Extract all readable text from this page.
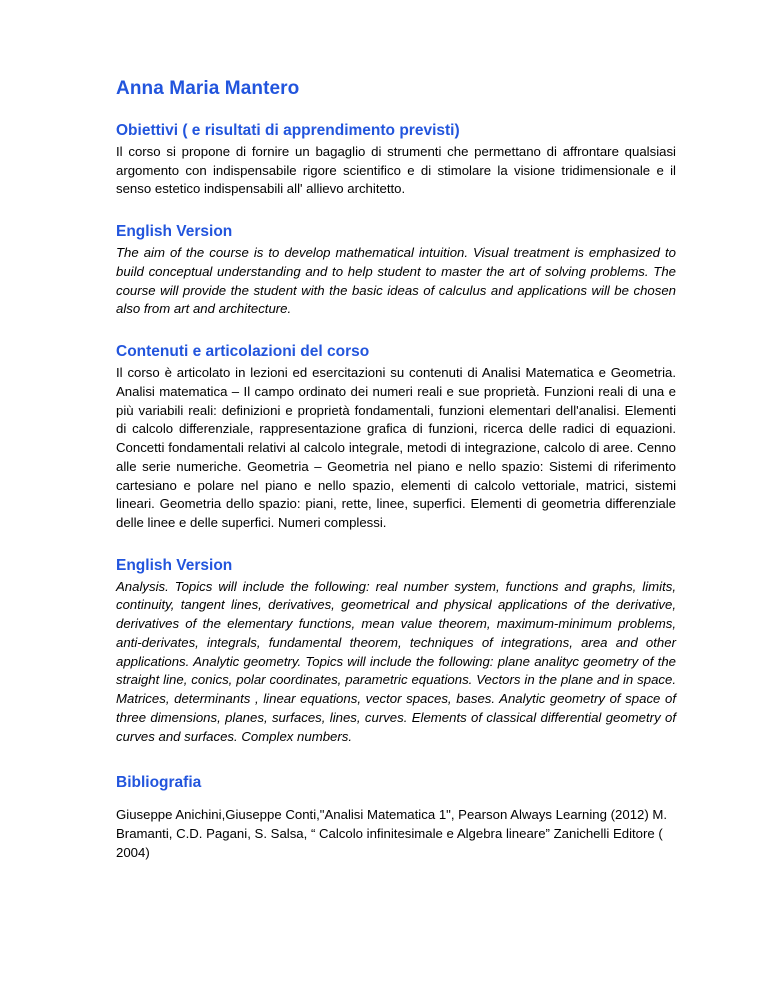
Anna Maria Mantero
Obiettivi ( e risultati di apprendimento previsti)

Il corso si propone di fornire un bagaglio di strumenti che permettano di affrontare qualsiasi argomento con indispensabile rigore scientifico e di stimolare la visione tridimensionale e il senso estetico indispensabili all' allievo architetto.

English Version

The aim of the course is to develop mathematical intuition. Visual treatment is emphasized to build conceptual understanding and to help student to master the art of solving problems. The course will provide the student with the basic ideas of calculus and applications will be chosen also from art and architecture.

Contenuti e articolazioni del corso

Il corso è articolato in lezioni ed esercitazioni su contenuti di Analisi Matematica e Geometria. Analisi matematica – Il campo ordinato dei numeri reali e sue proprietà. Funzioni reali di una e più variabili reali: definizioni e proprietà fondamentali, funzioni elementari dell'analisi. Elementi di calcolo differenziale, rappresentazione grafica di funzioni, ricerca delle radici di equazioni. Concetti fondamentali relativi al calcolo integrale, metodi di integrazione, calcolo di aree. Cenno alle serie numeriche. Geometria – Geometria nel piano e nello spazio: Sistemi di riferimento cartesiano e polare nel piano e nello spazio, elementi di calcolo vettoriale, matrici, sistemi lineari. Geometria dello spazio: piani, rette, linee, superfici. Elementi di geometria differenziale delle linee e delle superfici. Numeri complessi.

English Version

Analysis. Topics will include the following: real number system, functions and graphs, limits, continuity, tangent lines, derivatives, geometrical and physical applications of the derivative, derivatives of the elementary functions, mean value theorem, maximum-minimum problems, anti-derivates, integrals, fundamental theorem, techniques of integrations, area and other applications. Analytic geometry. Topics will include the following: plane analityc geometry of the straight line, conics, polar coordinates, parametric equations. Vectors in the plane and in space. Matrices, determinants , linear equations, vector spaces, bases. Analytic geometry of space of three dimensions, planes, surfaces, lines, curves. Elements of classical differential geometry of curves and surfaces. Complex numbers.

Bibliografia

Giuseppe Anichini,Giuseppe Conti,"Analisi Matematica 1", Pearson Always Learning (2012) M. Bramanti, C.D. Pagani, S. Salsa, “ Calcolo infinitesimale e Algebra lineare” Zanichelli Editore ( 2004)
